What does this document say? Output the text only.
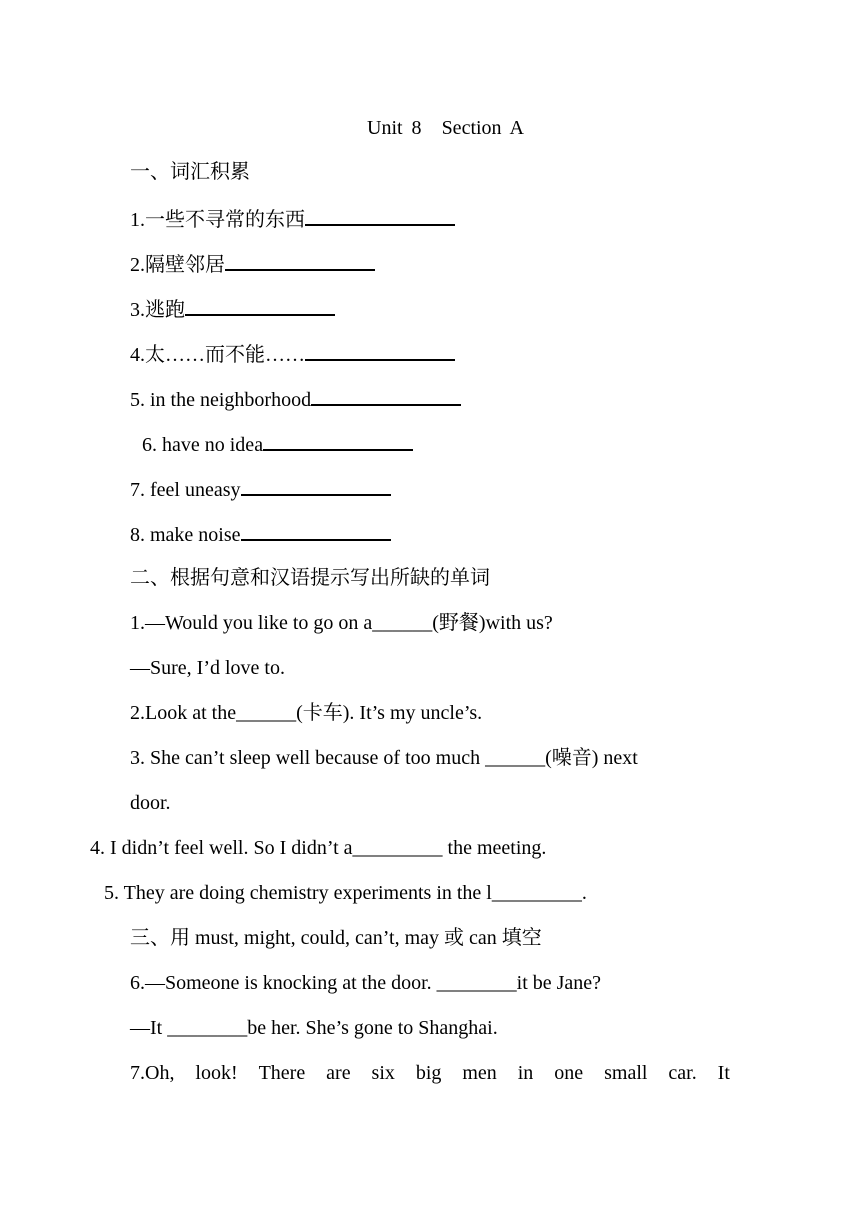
Unit 8 Section A
一、词汇积累
1.一些不寻常的东西
2.隔壁邻居
3.逃跑
4.太……而不能……
5. in the neighborhood
6. have no idea
7. feel uneasy
8. make noise
二、根据句意和汉语提示写出所缺的单词
1.—Would you like to go on a______(野餐)with us?
—Sure, I’d love to.
2.Look at the______(卡车). It’s my uncle’s.
3. She can’t sleep well because of too much ______(噪音) next
door.
4. I didn’t feel well. So I didn’t a_________ the meeting.
5. They are doing chemistry experiments in the l_________.
三、用 must, might, could, can’t, may 或 can 填空
6.—Someone is knocking at the door. ________it be Jane?
—It ________be her. She’s gone to Shanghai.
7.Oh, look! There are six big men in one small car. It
